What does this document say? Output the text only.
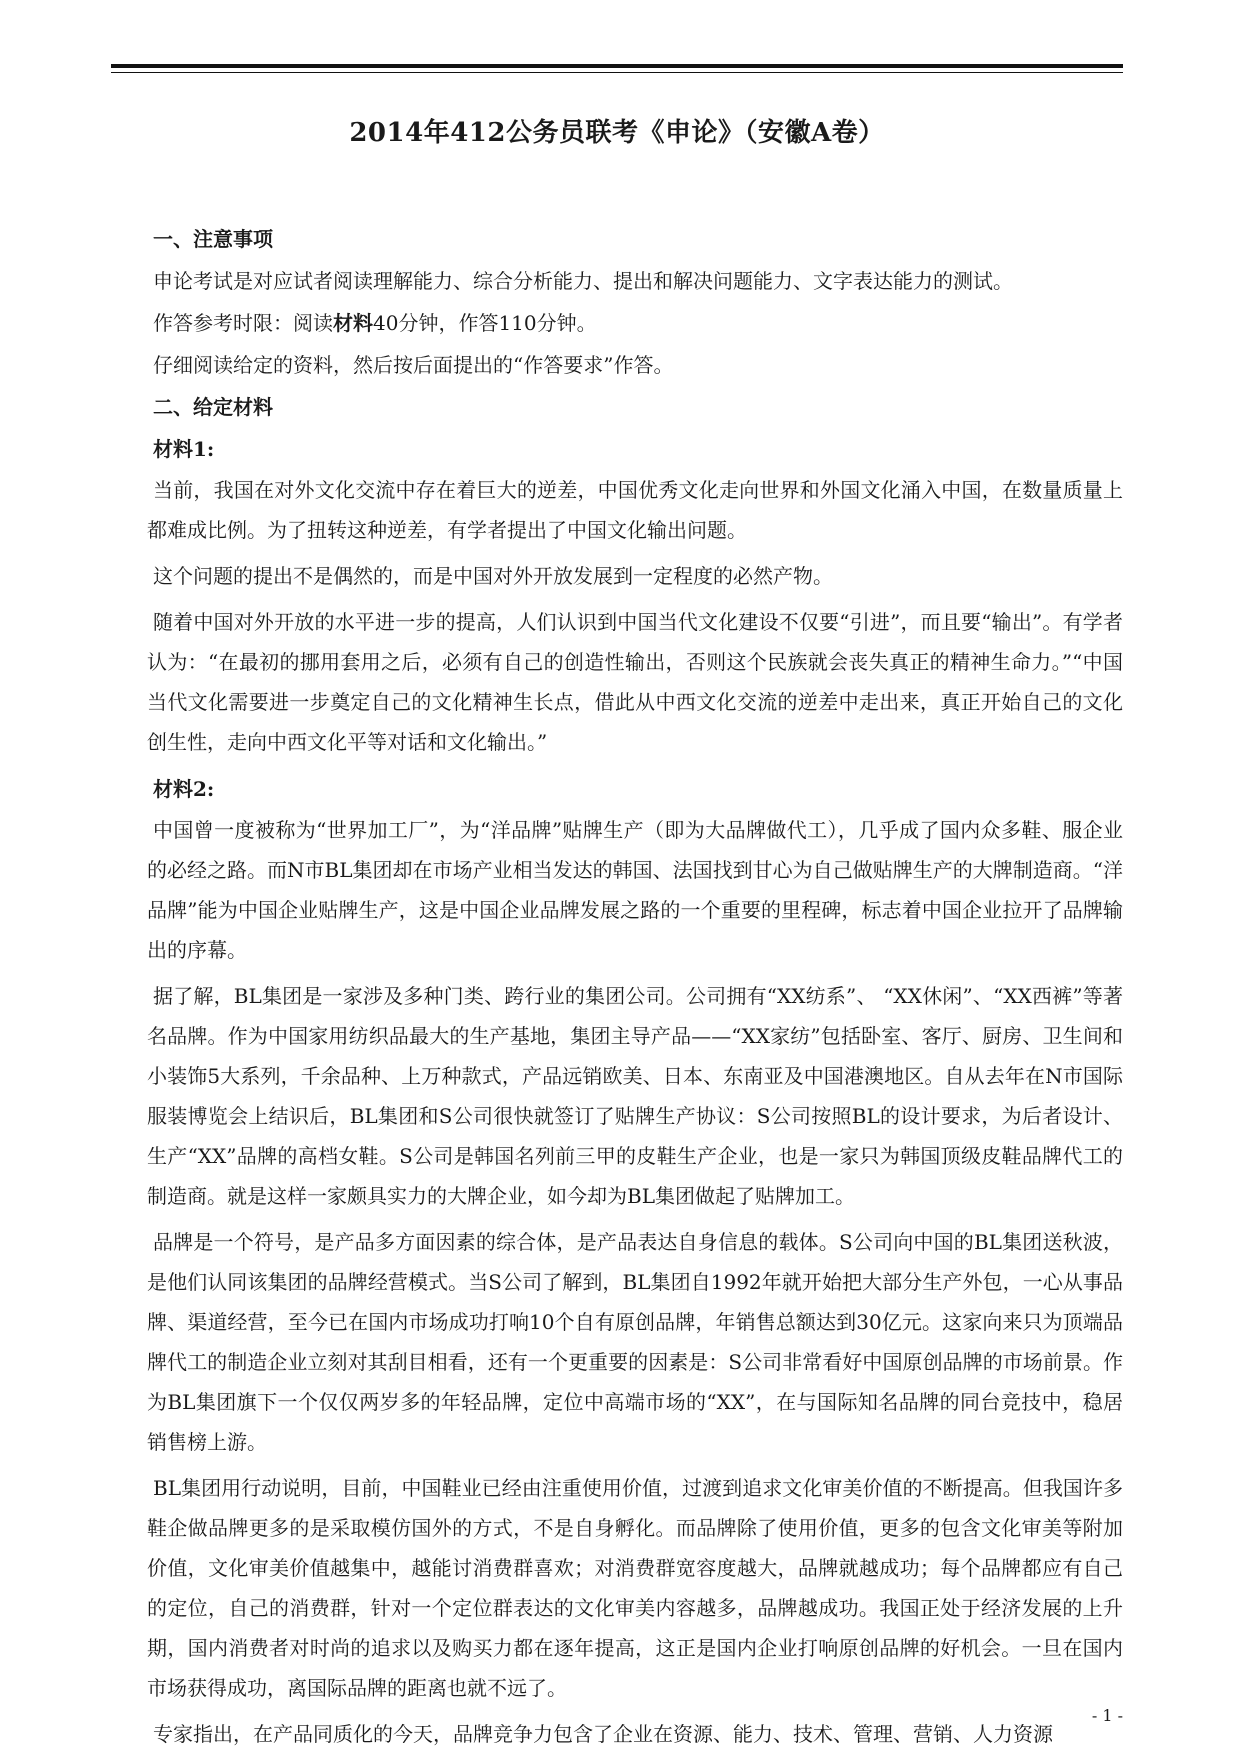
2014年412公务员联考《申论》（安徽A卷）
一、注意事项

申论考试是对应试者阅读理解能力、综合分析能力、提出和解决问题能力、文字表达能力的测试。

作答参考时限：阅读材料40分钟，作答110分钟。

仔细阅读给定的资料，然后按后面提出的“作答要求”作答。

二、给定材料
材料1:

当前，我国在对外文化交流中存在着巨大的逆差，中国优秀文化走向世界和外国文化涌入中国，在数量质量上都难成比例。为了扭转这种逆差，有学者提出了中国文化输出问题。

这个问题的提出不是偶然的，而是中国对外开放发展到一定程度的必然产物。

随着中国对外开放的水平进一步的提高，人们认识到中国当代文化建设不仅要“引进”，而且要“输出”。有学者认为：“在最初的挪用套用之后，必须有自己的创造性输出，否则这个民族就会丧失真正的精神生命力。”“中国当代文化需要进一步奠定自己的文化精神生长点，借此从中西文化交流的逆差中走出来，真正开始自己的文化创生性，走向中西文化平等对话和文化输出。”

材料2:

中国曾一度被称为“世界加工厂”，为“洋品牌”贴牌生产（即为大品牌做代工），几乎成了国内众多鞋、服企业的必经之路。而N市BL集团却在市场产业相当发达的韩国、法国找到甘心为自己做贴牌生产的大牌制造商。“洋品牌”能为中国企业贴牌生产，这是中国企业品牌发展之路的一个重要的里程碑，标志着中国企业拉开了品牌输出的序幕。

据了解，BL集团是一家涉及多种门类、跨行业的集团公司。公司拥有“XX纺系”、 “XX休闲”、“XX西裤”等著名品牌。作为中国家用纺织品最大的生产基地，集团主导产品——“XX家纺”包括卧室、客厅、厨房、卫生间和小装饰5大系列，千余品种、上万种款式，产品远销欧美、日本、东南亚及中国港澳地区。自从去年在N市国际服装博览会上结识后，BL集团和S公司很快就签订了贴牌生产协议：S公司按照BL的设计要求，为后者设计、生产“XX”品牌的高档女鞋。S公司是韩国名列前三甲的皮鞋生产企业，也是一家只为韩国顶级皮鞋品牌代工的制造商。就是这样一家颇具实力的大牌企业，如今却为BL集团做起了贴牌加工。

品牌是一个符号，是产品多方面因素的综合体，是产品表达自身信息的载体。S公司向中国的BL集团送秋波，是他们认同该集团的品牌经营模式。当S公司了解到，BL集团自1992年就开始把大部分生产外包，一心从事品牌、渠道经营，至今已在国内市场成功打响10个自有原创品牌，年销售总额达到30亿元。这家向来只为顶端品牌代工的制造企业立刻对其刮目相看，还有一个更重要的因素是：S公司非常看好中国原创品牌的市场前景。作为BL集团旗下一个仅仅两岁多的年轻品牌，定位中高端市场的“XX”，在与国际知名品牌的同台竞技中，稳居销售榜上游。

BL集团用行动说明，目前，中国鞋业已经由注重使用价值，过渡到追求文化审美价值的不断提高。但我国许多鞋企做品牌更多的是采取模仿国外的方式，不是自身孵化。而品牌除了使用价值，更多的包含文化审美等附加价值，文化审美价值越集中，越能讨消费群喜欢；对消费群宽容度越大，品牌就越成功；每个品牌都应有自己的定位，自己的消费群，针对一个定位群表达的文化审美内容越多，品牌越成功。我国正处于经济发展的上升期，国内消费者对时尚的追求以及购买力都在逐年提高，这正是国内企业打响原创品牌的好机会。一旦在国内市场获得成功，离国际品牌的距离也就不远了。

专家指出，在产品同质化的今天，品牌竞争力包含了企业在资源、能力、技术、管理、营销、人力资源

- 1 -
